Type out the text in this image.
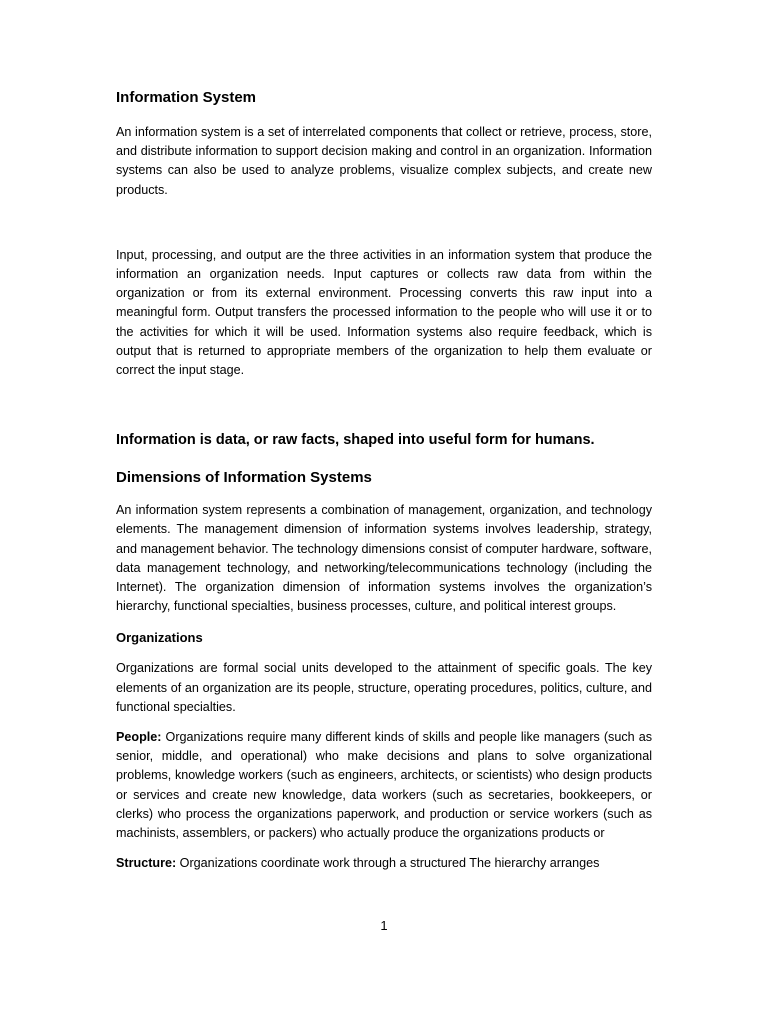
Information System

An information system is a set of interrelated components that collect or retrieve, process, store, and distribute information to support decision making and control in an organization. Information systems can also be used to analyze problems, visualize complex subjects, and create new products.

Input, processing, and output are the three activities in an information system that produce the information an organization needs. Input captures or collects raw data from within the organization or from its external environment. Processing converts this raw input into a meaningful form. Output transfers the processed information to the people who will use it or to the activities for which it will be used. Information systems also require feedback, which is output that is returned to appropriate members of the organization to help them evaluate or correct the input stage.

Information is data, or raw facts, shaped into useful form for humans.
Dimensions of Information Systems

An information system represents a combination of management, organization, and technology elements. The management dimension of information systems involves leadership, strategy, and management behavior. The technology dimensions consist of computer hardware, software, data management technology, and networking/telecommunications technology (including the Internet). The organization dimension of information systems involves the organization’s hierarchy, functional specialties, business processes, culture, and political interest groups.

Organizations

Organizations are formal social units developed to the attainment of specific goals. The key elements of an organization are its people, structure, operating procedures, politics, culture, and functional specialties.

People: Organizations require many different kinds of skills and people like managers (such as senior, middle, and operational) who make decisions and plans to solve organizational problems, knowledge workers (such as engineers, architects, or scientists) who design products or services and create new knowledge, data workers (such as secretaries, bookkeepers, or clerks) who process the organizations paperwork, and production or service workers (such as machinists, assemblers, or packers) who actually produce the organizations products or

Structure: Organizations coordinate work through a structured The hierarchy arranges

1
